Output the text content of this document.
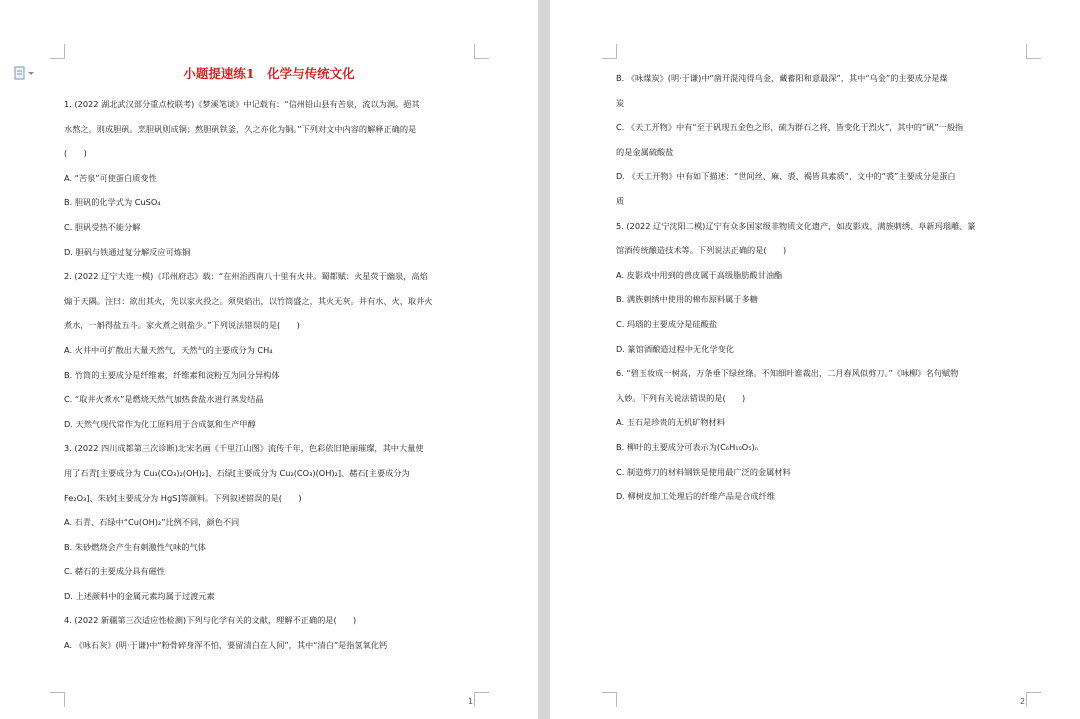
小题提速练1　化学与传统文化
1. (2022 湖北武汉部分重点校联考)《梦溪笔谈》中记载有：“信州铅山县有苦泉，流以为涧。挹其
水熬之，则成胆矾。烹胆矾则成铜；熬胆矾铁釜，久之亦化为铜。”下列对文中内容的解释正确的是
(　　)
A. “苦泉”可使蛋白质变性
B. 胆矾的化学式为 CuSO₄
C. 胆矾受热不能分解
D. 胆矾与铁通过复分解反应可炼铜
2. (2022 辽宁大连一模)《邛州府志》载：“在州治西南八十里有火井。蜀都赋：火星荧于幽泉，高焰
煽于天隅。注曰：欲出其火，先以家火投之。须臾焰出，以竹筒盛之，其火无灰。井有水、火，取井火
煮水，一斛得盐五斗。家火煮之则盐少。”下列说法错误的是(　　)
A. 火井中可扩散出大量天然气，天然气的主要成分为 CH₄
B. 竹筒的主要成分是纤维素，纤维素和淀粉互为同分异构体
C. “取井火煮水”是燃烧天然气加热食盐水进行蒸发结晶
D. 天然气现代常作为化工原料用于合成氨和生产甲醇
3. (2022 四川成都第三次诊断)北宋名画《千里江山图》流传千年，色彩依旧艳丽璀璨，其中大量使
用了石青[主要成分为 Cu₃(CO₃)₂(OH)₂]、石绿[主要成分为 Cu₂(CO₃)(OH)₂]、赭石[主要成分为
Fe₂O₃]、朱砂[主要成分为 HgS]等颜料。下列叙述错误的是(　　)
A. 石青、石绿中“Cu(OH)₂”比例不同，颜色不同
B. 朱砂燃烧会产生有刺激性气味的气体
C. 赭石的主要成分具有磁性
D. 上述颜料中的金属元素均属于过渡元素
4. (2022 新疆第三次适应性检测)下列与化学有关的文献，理解不正确的是(　　)
A. 《咏石灰》(明·于谦)中“粉骨碎身浑不怕，要留清白在人间”，其中“清白”是指氢氧化钙
1
B. 《咏煤炭》(明·于谦)中“凿开混沌得乌金，藏蓄阳和意最深”，其中“乌金”的主要成分是煤
炭
C. 《天工开物》中有“至于矾现五金色之形，硫为群石之将，皆变化于烈火”，其中的“矾”一般指
的是金属硫酸盐
D. 《天工开物》中有如下描述：“世间丝、麻、裘、褐皆具素质”，文中的“裘”主要成分是蛋白
质
5. (2022 辽宁沈阳二模)辽宁有众多国家级非物质文化遗产，如皮影戏、满族刺绣、阜新玛瑙雕、篆
馆酒传统酿造技术等。下列说法正确的是(　　)
A. 皮影戏中用到的兽皮属于高级脂肪酸甘油酯
B. 满族刺绣中使用的棉布原料属于多糖
C. 玛瑙的主要成分是硅酸盐
D. 篆馆酒酿造过程中无化学变化
6. “碧玉妆成一树高，万条垂下绿丝绦。不知细叶谁裁出，二月春风似剪刀。”《咏柳》名句赋物
入妙。下列有关说法错误的是(　　)
A. 玉石是珍贵的无机矿物材料
B. 柳叶的主要成分可表示为(C₆H₁₀O₅)ₙ
C. 制造剪刀的材料钢铁是使用最广泛的金属材料
D. 柳树皮加工处理后的纤维产品是合成纤维
2
